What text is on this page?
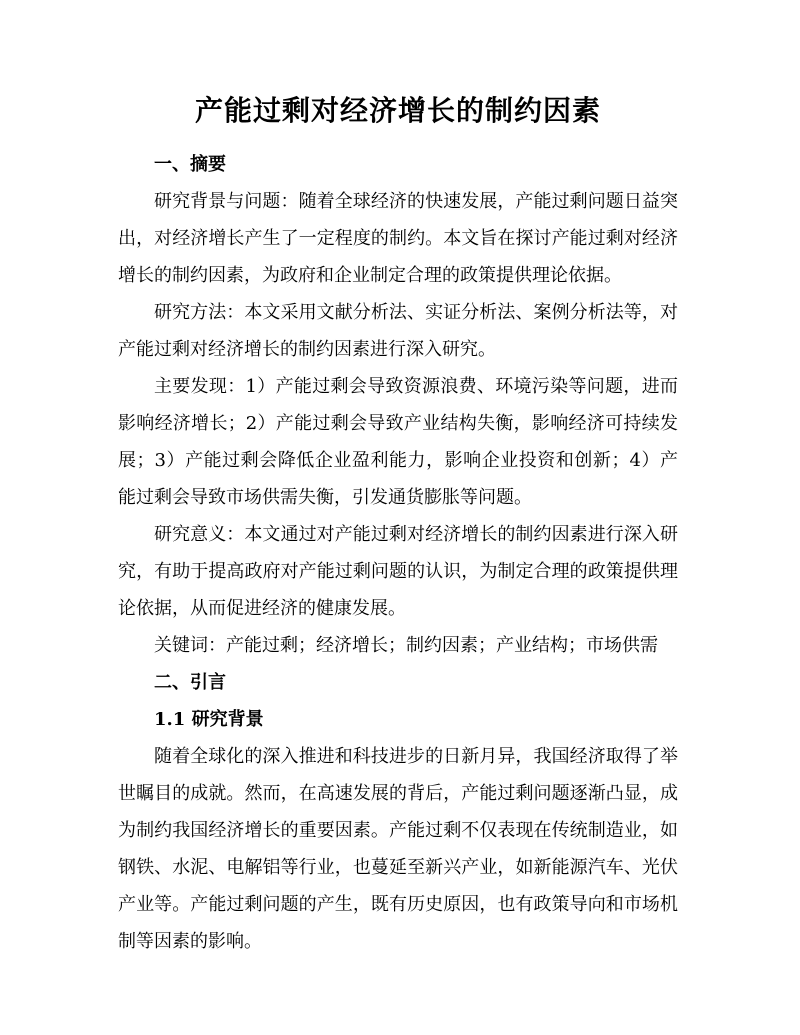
产能过剩对经济增长的制约因素
一、摘要

研究背景与问题：随着全球经济的快速发展，产能过剩问题日益突出，对经济增长产生了一定程度的制约。本文旨在探讨产能过剩对经济增长的制约因素，为政府和企业制定合理的政策提供理论依据。

研究方法：本文采用文献分析法、实证分析法、案例分析法等，对产能过剩对经济增长的制约因素进行深入研究。

主要发现：1）产能过剩会导致资源浪费、环境污染等问题，进而影响经济增长；2）产能过剩会导致产业结构失衡，影响经济可持续发展；3）产能过剩会降低企业盈利能力，影响企业投资和创新；4）产能过剩会导致市场供需失衡，引发通货膨胀等问题。

研究意义：本文通过对产能过剩对经济增长的制约因素进行深入研究，有助于提高政府对产能过剩问题的认识，为制定合理的政策提供理论依据，从而促进经济的健康发展。

关键词：产能过剩；经济增长；制约因素；产业结构；市场供需

二、引言
1.1 研究背景

随着全球化的深入推进和科技进步的日新月异，我国经济取得了举世瞩目的成就。然而，在高速发展的背后，产能过剩问题逐渐凸显，成为制约我国经济增长的重要因素。产能过剩不仅表现在传统制造业，如钢铁、水泥、电解铝等行业，也蔓延至新兴产业，如新能源汽车、光伏产业等。产能过剩问题的产生，既有历史原因，也有政策导向和市场机制等因素的影响。
